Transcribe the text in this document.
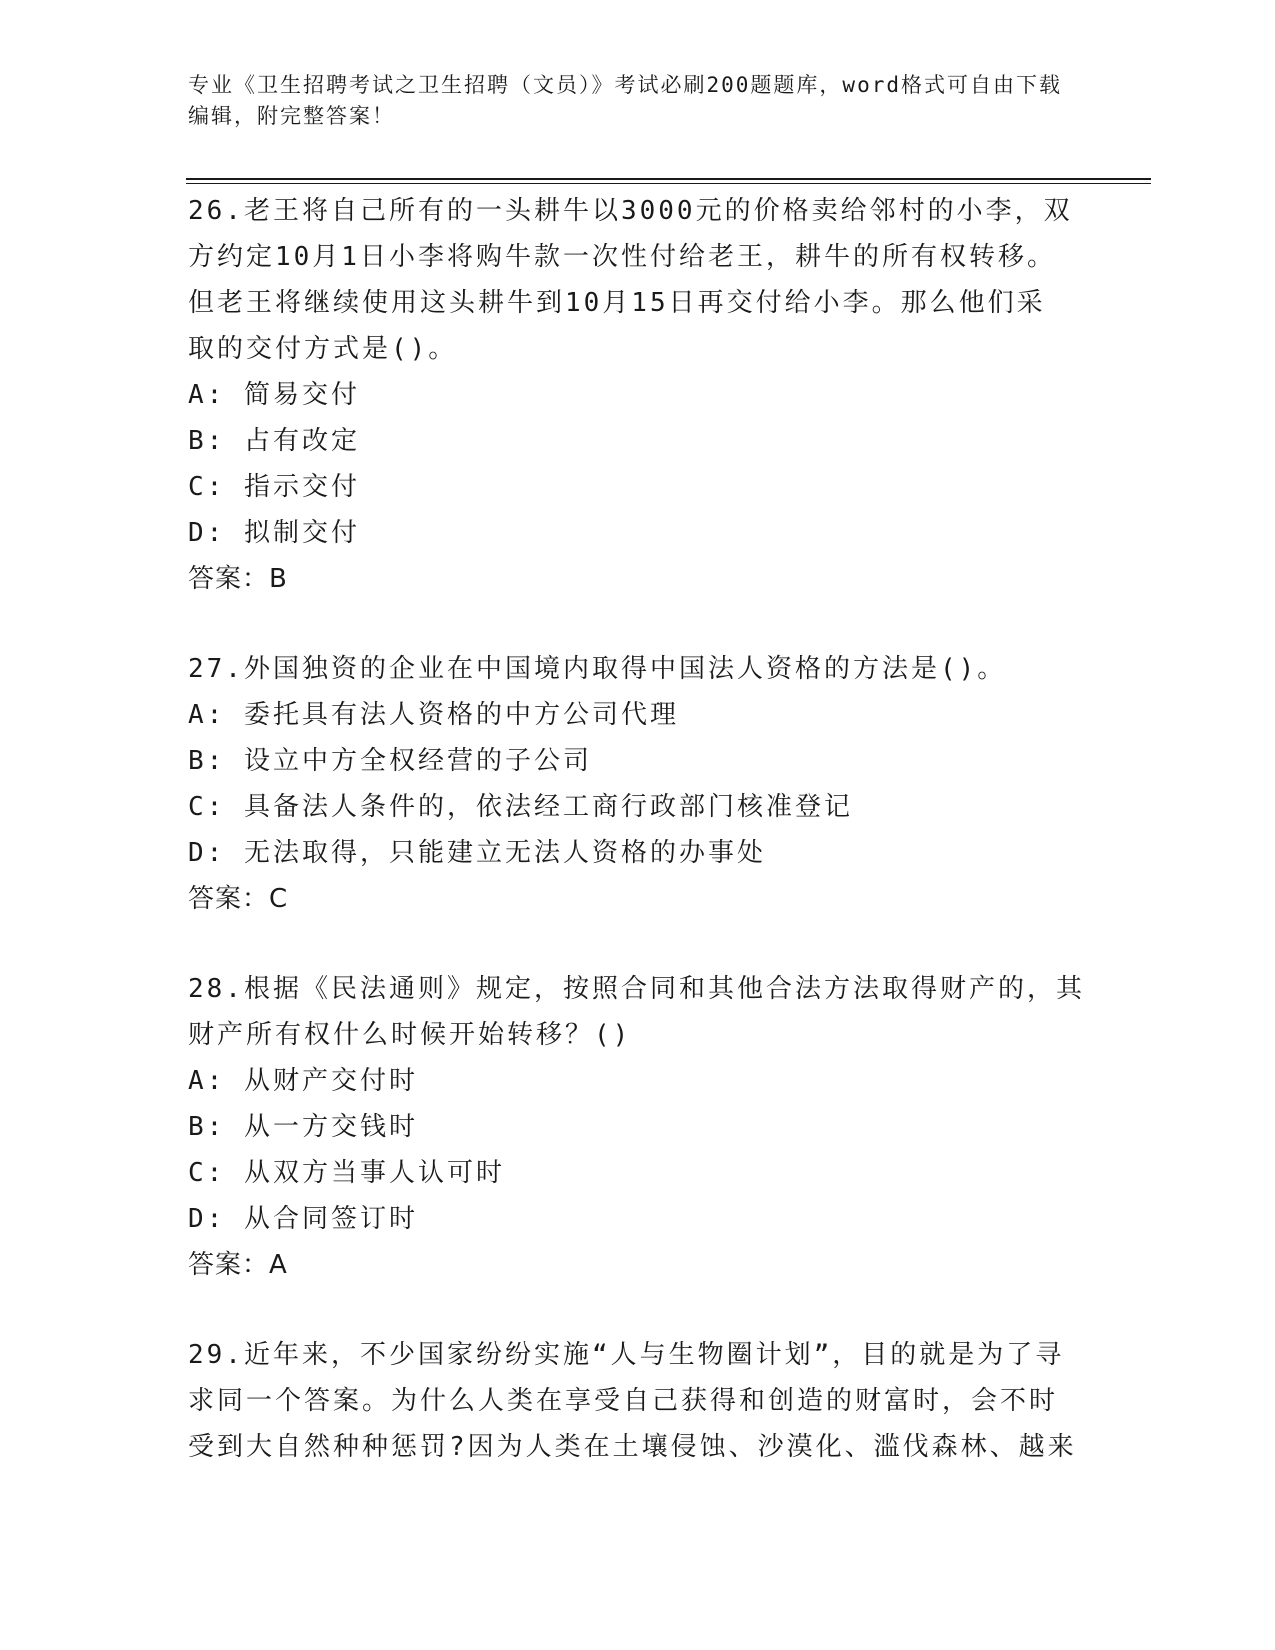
专业《卫生招聘考试之卫生招聘（文员）》考试必刷200题题库，word格式可自由下载编辑，附完整答案！
26.老王将自己所有的一头耕牛以3000元的价格卖给邻村的小李，双
方约定10月1日小李将购牛款一次性付给老王，耕牛的所有权转移。
但老王将继续使用这头耕牛到10月15日再交付给小李。那么他们采
取的交付方式是()。
A: 简易交付
B: 占有改定
C: 指示交付
D: 拟制交付
答案：B
27.外国独资的企业在中国境内取得中国法人资格的方法是()。
A: 委托具有法人资格的中方公司代理
B: 设立中方全权经营的子公司
C: 具备法人条件的，依法经工商行政部门核准登记
D: 无法取得，只能建立无法人资格的办事处
答案：C
28.根据《民法通则》规定，按照合同和其他合法方法取得财产的，其
财产所有权什么时候开始转移？()
A: 从财产交付时
B: 从一方交钱时
C: 从双方当事人认可时
D: 从合同签订时
答案：A
29.近年来，不少国家纷纷实施“人与生物圈计划”，目的就是为了寻
求同一个答案。为什么人类在享受自己获得和创造的财富时，会不时
受到大自然种种惩罚?因为人类在土壤侵蚀、沙漠化、滥伐森林、越来
